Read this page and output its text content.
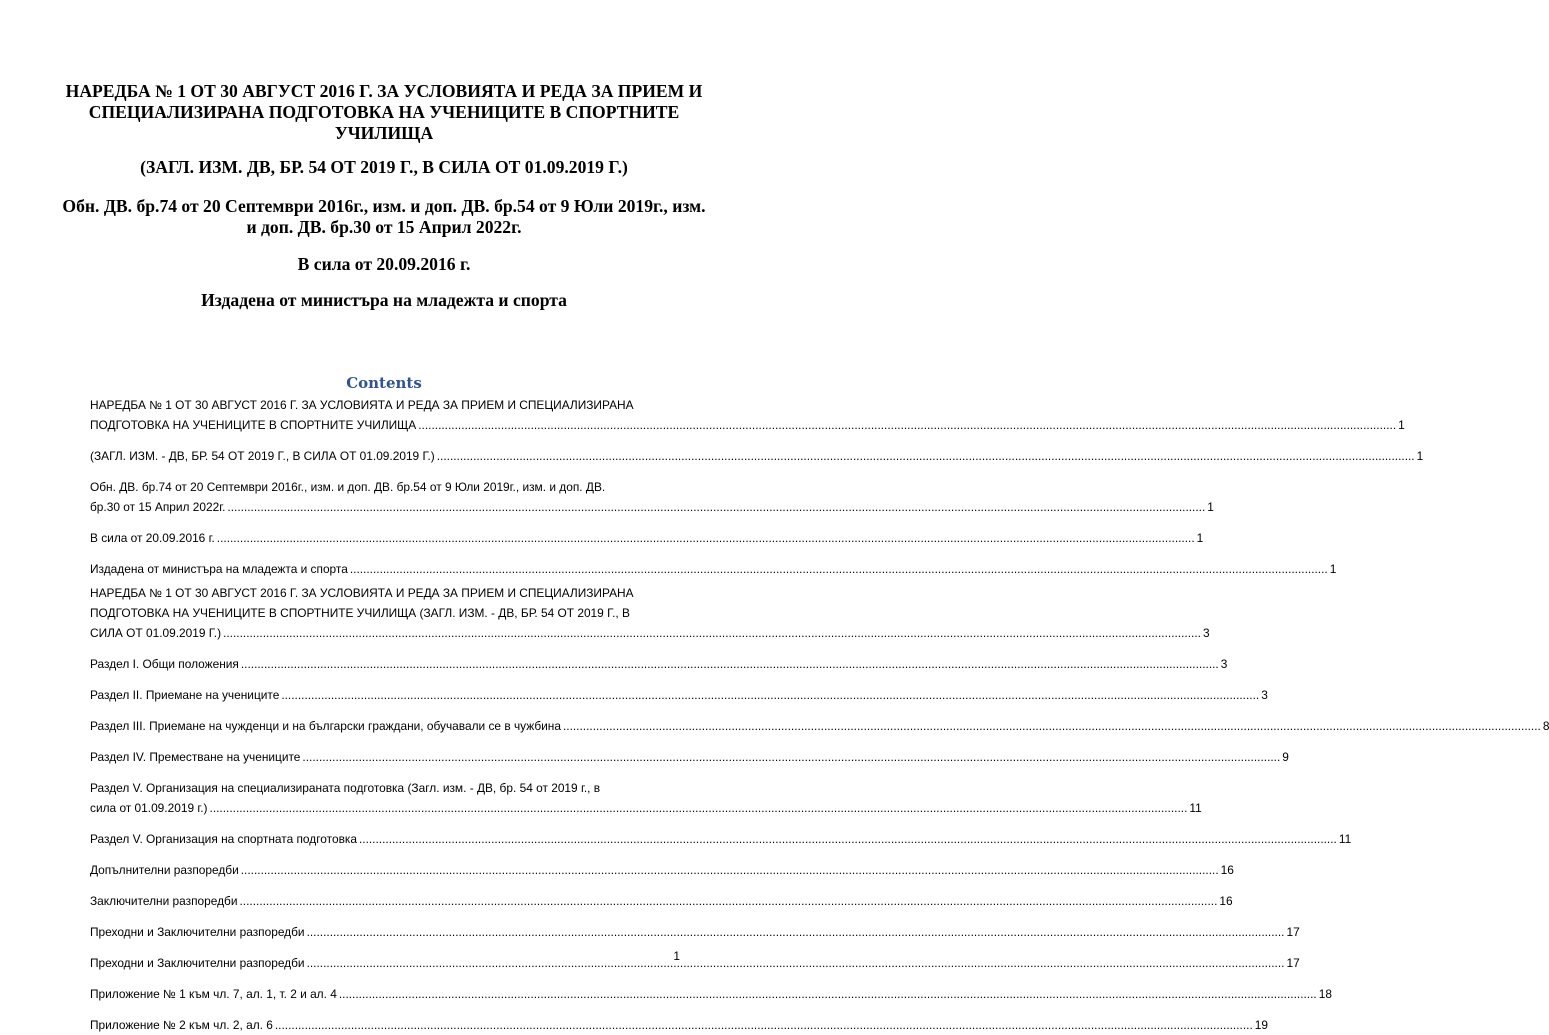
НАРЕДБА № 1 ОТ 30 АВГУСТ 2016 Г. ЗА УСЛОВИЯТА И РЕДА ЗА ПРИЕМ И СПЕЦИАЛИЗИРАНА ПОДГОТОВКА НА УЧЕНИЦИТЕ В СПОРТНИТЕ УЧИЛИЩА

(ЗАГЛ. ИЗМ. ДВ, БР. 54 ОТ 2019 Г., В СИЛА ОТ 01.09.2019 Г.)

Обн. ДВ. бр.74 от 20 Септември 2016г., изм. и доп. ДВ. бр.54 от 9 Юли 2019г., изм. и доп. ДВ. бр.30 от 15 Април 2022г.

В сила от 20.09.2016 г.

Издадена от министъра на младежта и спорта

Contents
НАРЕДБА № 1 ОТ 30 АВГУСТ 2016 Г. ЗА УСЛОВИЯТА И РЕДА ЗА ПРИЕМ И СПЕЦИАЛИЗИРАНА
ПОДГОТОВКА НА УЧЕНИЦИТЕ В СПОРТНИТЕ УЧИЛИЩА .....	1
(ЗАГЛ. ИЗМ. - ДВ, БР. 54 ОТ 2019 Г., В СИЛА ОТ 01.09.2019 Г.) .....	1
Обн. ДВ. бр.74 от 20 Септември 2016г., изм. и доп. ДВ. бр.54 от 9 Юли 2019г., изм. и доп. ДВ.
бр.30 от 15 Април 2022г. .....	1
В сила от 20.09.2016 г. .....	1
Издадена от министъра на младежта и спорта .....	1
НАРЕДБА № 1 ОТ 30 АВГУСТ 2016 Г. ЗА УСЛОВИЯТА И РЕДА ЗА ПРИЕМ И СПЕЦИАЛИЗИРАНА
ПОДГОТОВКА НА УЧЕНИЦИТЕ В СПОРТНИТЕ УЧИЛИЩА (ЗАГЛ. ИЗМ. - ДВ, БР. 54 ОТ 2019 Г., В
СИЛА ОТ 01.09.2019 Г.) .....	3
Раздел I. Общи положения .....	3
Раздел II. Приемане на учениците .....	3
Раздел III. Приемане на чужденци и на български граждани, обучавали се в чужбина .....	8
Раздел IV. Преместване на учениците .....	9
Раздел V. Организация на специализираната подготовка (Загл. изм. - ДВ, бр. 54 от 2019 г., в
сила от 01.09.2019 г.) .....	11
Раздел V. Организация на спортната подготовка .....	11
Допълнителни разпоредби .....	16
Заключителни разпоредби .....	16
Преходни и Заключителни разпоредби .....	17
Преходни и Заключителни разпоредби .....	17
Приложение № 1 към чл. 7, ал. 1, т. 2 и ал. 4 .....	18
Приложение № 2 към чл. 2, ал. 6 .....	19
1
